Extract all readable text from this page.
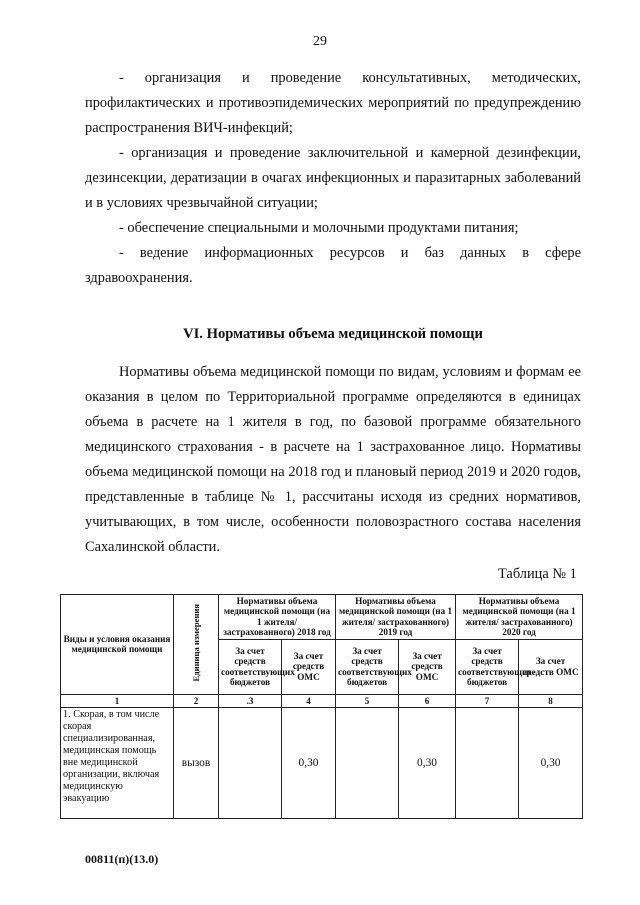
29

- организация и проведение консультативных, методических, профилактических и противоэпидемических мероприятий по предупреждению распространения ВИЧ-инфекций;

- организация и проведение заключительной и камерной дезинфекции, дезинсекции, дератизации в очагах инфекционных и паразитарных заболеваний и в условиях чрезвычайной ситуации;

- обеспечение специальными и молочными продуктами питания;

- ведение информационных ресурсов и баз данных в сфере здравоохранения.

VI. Нормативы объема медицинской помощи

Нормативы объема медицинской помощи по видам, условиям и формам ее оказания в целом по Территориальной программе определяются в единицах объема в расчете на 1 жителя в год, по базовой программе обязательного медицинского страхования - в расчете на 1 застрахованное лицо. Нормативы объема медицинской помощи на 2018 год и плановый период 2019 и 2020 годов, представленные в таблице № 1, рассчитаны исходя из средних нормативов, учитывающих, в том числе, особенности половозрастного состава населения Сахалинской области.

Таблица № 1
Виды и условия оказания медицинской помощи	Единица измерения	Нормативы объема медицинской помощи (на 1 жителя/ застрахованного) 2018 год		Нормативы объема медицинской помощи (на 1 жителя/ застрахованного) 2019 год		Нормативы объема медицинской помощи (на 1 жителя/ застрахованного) 2020 год	
		За счет средств соответствующих бюджетов	За счет средств ОМС	За счет средств соответствующих бюджетов	За счет средств ОМС	За счет средств соответствующих бюджетов	За счет средств ОМС
1	2	.3	4	5	6	7	8
1. Скорая, в том числе скорая специализированная, медицинская помощь вне медицинской организации, включая медицинскую эвакуацию	вызов		0,30		0,30		0,30
00811(п)(13.0)
